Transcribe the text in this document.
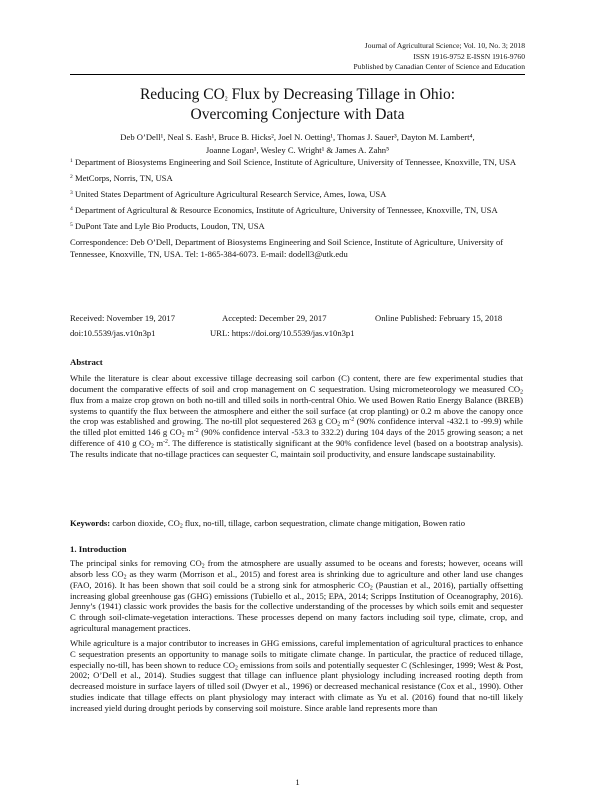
Journal of Agricultural Science; Vol. 10, No. 3; 2018
ISSN 1916-9752 E-ISSN 1916-9760
Published by Canadian Center of Science and Education
Reducing $CO_2$ Flux by Decreasing Tillage in Ohio:
Overcoming Conjecture with Data
Deb O’Dell¹, Neal S. Eash¹, Bruce B. Hicks², Joel N. Oetting¹, Thomas J. Sauer³, Dayton M. Lambert⁴,
Joanne Logan¹, Wesley C. Wright¹ & James A. Zahn⁵
$^1$ Department of Biosystems Engineering and Soil Science, Institute of Agriculture, University of Tennessee, Knoxville, TN, USA
$^2$ MetCorps, Norris, TN, USA
$^3$ United States Department of Agriculture Agricultural Research Service, Ames, Iowa, USA
$^4$ Department of Agricultural & Resource Economics, Institute of Agriculture, University of Tennessee, Knoxville, TN, USA
$^5$ DuPont Tate and Lyle Bio Products, Loudon, TN, USA
Correspondence: Deb O’Dell, Department of Biosystems Engineering and Soil Science, Institute of Agriculture, University of Tennessee, Knoxville, TN, USA. Tel: 1-865-384-6073. E-mail: dodell3@utk.edu
Received: November 19, 2017	Accepted: December 29, 2017	Online Published: February 15, 2018
doi:10.5539/jas.v10n3p1	URL: https://doi.org/10.5539/jas.v10n3p1
Abstract

While the literature is clear about excessive tillage decreasing soil carbon (C) content, there are few experimental studies that document the comparative effects of soil and crop management on C sequestration. Using micrometeorology we measured $CO_2$ flux from a maize crop grown on both no-till and tilled soils in north-central Ohio. We used Bowen Ratio Energy Balance (BREB) systems to quantify the flux between the atmosphere and either the soil surface (at crop planting) or 0.2 m above the canopy once the crop was established and growing. The no-till plot sequestered 263 g $CO_2$ $m^{-2}$ (90% confidence interval -432.1 to -99.9) while the tilled plot emitted 146 g $CO_2$ $m^{-2}$ (90% confidence interval -53.3 to 332.2) during 104 days of the 2015 growing season; a net difference of 410 g $CO_2$ $m^{-2}$. The difference is statistically significant at the 90% confidence level (based on a bootstrap analysis). The results indicate that no-tillage practices can sequester C, maintain soil productivity, and ensure landscape sustainability.

Keywords: carbon dioxide, $CO_2$ flux, no-till, tillage, carbon sequestration, climate change mitigation, Bowen ratio
1. Introduction

The principal sinks for removing $CO_2$ from the atmosphere are usually assumed to be oceans and forests; however, oceans will absorb less $CO_2$ as they warm (Morrison et al., 2015) and forest area is shrinking due to agriculture and other land use changes (FAO, 2016). It has been shown that soil could be a strong sink for atmospheric $CO_2$ (Paustian et al., 2016), partially offsetting increasing global greenhouse gas (GHG) emissions (Tubiello et al., 2015; EPA, 2014; Scripps Institution of Oceanography, 2016). Jenny’s (1941) classic work provides the basis for the collective understanding of the processes by which soils emit and sequester C through soil-climate-vegetation interactions. These processes depend on many factors including soil type, climate, crop, and agricultural management practices.

While agriculture is a major contributor to increases in GHG emissions, careful implementation of agricultural practices to enhance C sequestration presents an opportunity to manage soils to mitigate climate change. In particular, the practice of reduced tillage, especially no-till, has been shown to reduce $CO_2$ emissions from soils and potentially sequester C (Schlesinger, 1999; West & Post, 2002; O’Dell et al., 2014). Studies suggest that tillage can influence plant physiology including increased rooting depth from decreased moisture in surface layers of tilled soil (Dwyer et al., 1996) or decreased mechanical resistance (Cox et al., 1990). Other studies indicate that tillage effects on plant physiology may interact with climate as Yu et al. (2016) found that no-till likely increased yield during drought periods by conserving soil moisture. Since arable land represents more than

1
